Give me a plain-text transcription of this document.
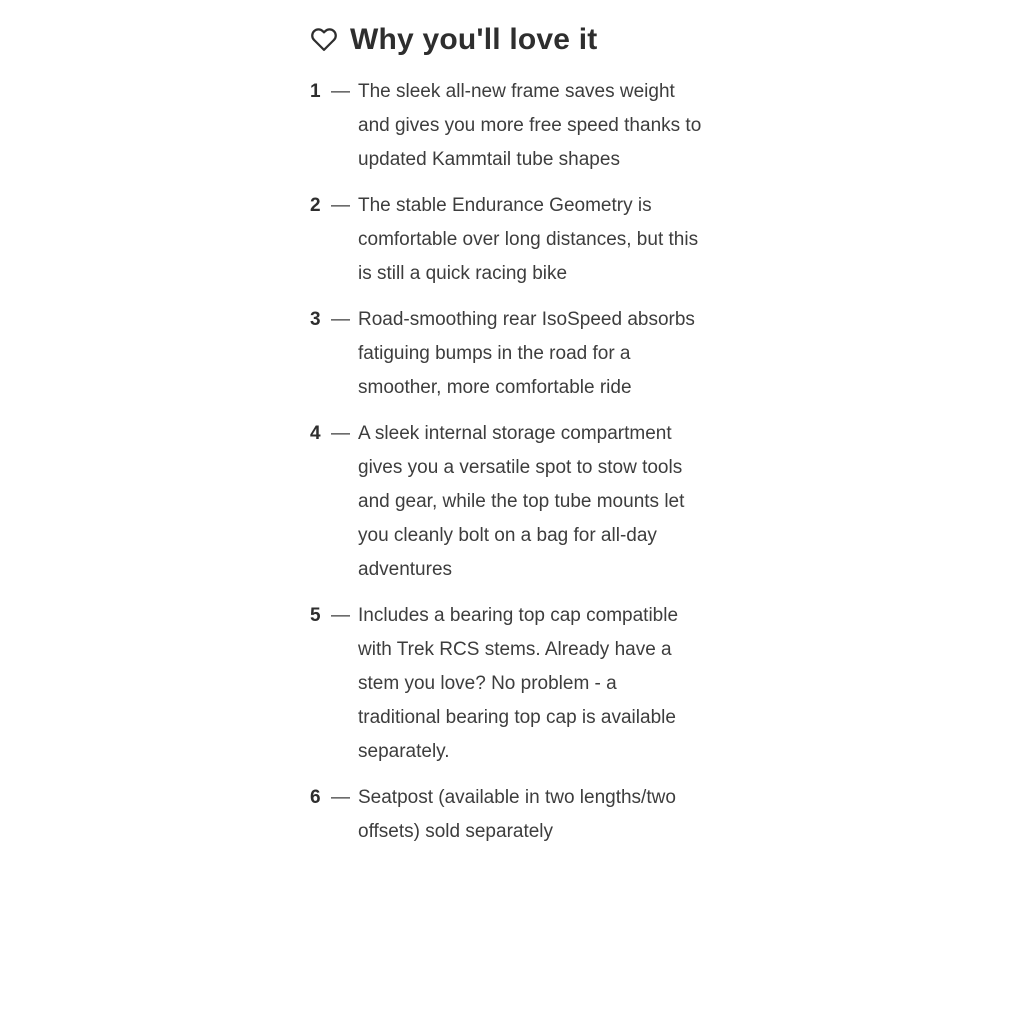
Why you'll love it
1 — The sleek all-new frame saves weight and gives you more free speed thanks to updated Kammtail tube shapes
2 — The stable Endurance Geometry is comfortable over long distances, but this is still a quick racing bike
3 — Road-smoothing rear IsoSpeed absorbs fatiguing bumps in the road for a smoother, more comfortable ride
4 — A sleek internal storage compartment gives you a versatile spot to stow tools and gear, while the top tube mounts let you cleanly bolt on a bag for all-day adventures
5 — Includes a bearing top cap compatible with Trek RCS stems. Already have a stem you love? No problem - a traditional bearing top cap is available separately.
6 — Seatpost (available in two lengths/two offsets) sold separately
